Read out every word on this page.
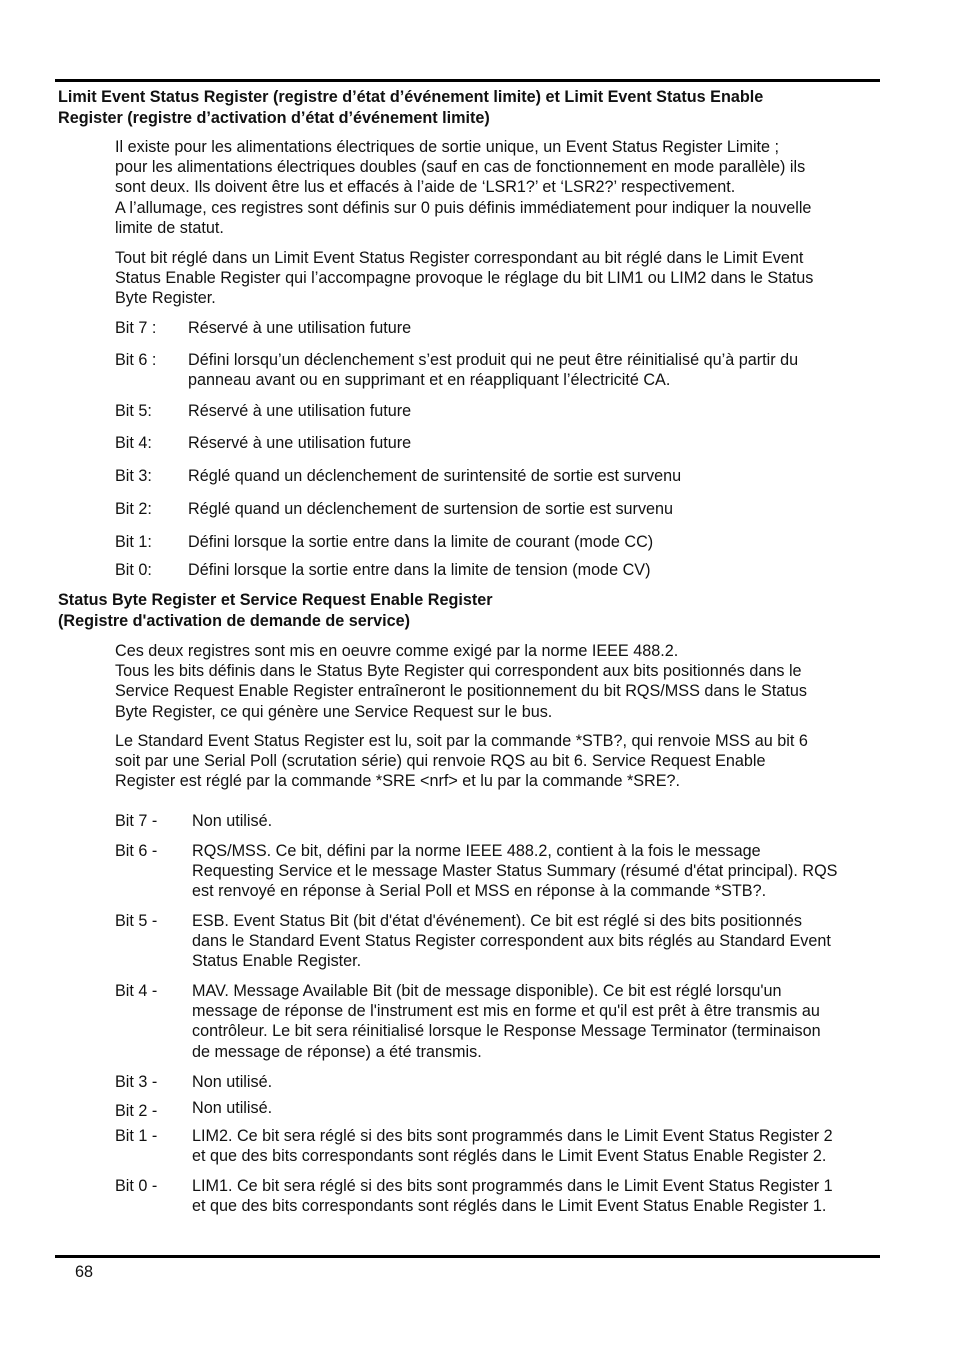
Limit Event Status Register (registre d’état d’événement limite) et Limit Event Status Enable
Register (registre d’activation d’état d’événement limite)
Il existe pour les alimentations électriques de sortie unique, un Event Status Register Limite ;
pour les alimentations électriques doubles (sauf en cas de fonctionnement en mode parallèle) ils
sont deux. Ils doivent être lus et effacés à l’aide de ‘LSR1?’ et ‘LSR2?’ respectivement.
A l’allumage, ces registres sont définis sur 0 puis définis immédiatement pour indiquer la nouvelle
limite de statut.
Tout bit réglé dans un Limit Event Status Register correspondant au bit réglé dans le Limit Event
Status Enable Register qui l’accompagne provoque le réglage du bit LIM1 ou LIM2 dans le Status
Byte Register.
Bit 7 : Réservé à une utilisation future
Bit 6 : Défini lorsqu’un déclenchement s’est produit qui ne peut être réinitialisé qu’à partir du
panneau avant ou en supprimant et en réappliquant l’électricité CA.
Bit 5: Réservé à une utilisation future
Bit 4: Réservé à une utilisation future
Bit 3: Réglé quand un déclenchement de surintensité de sortie est survenu
Bit 2: Réglé quand un déclenchement de surtension de sortie est survenu
Bit 1: Défini lorsque la sortie entre dans la limite de courant (mode CC)
Bit 0: Défini lorsque la sortie entre dans la limite de tension (mode CV)
Status Byte Register et Service Request Enable Register
(Registre d'activation de demande de service)
Ces deux registres sont mis en oeuvre comme exigé par la norme IEEE 488.2.
Tous les bits définis dans le Status Byte Register qui correspondent aux bits positionnés dans le
Service Request Enable Register entraîneront le positionnement du bit RQS/MSS dans le Status
Byte Register, ce qui génère une Service Request sur le bus.
Le Standard Event Status Register est lu, soit par la commande *STB?, qui renvoie MSS au bit 6
soit par une Serial Poll (scrutation série) qui renvoie RQS au bit 6. Service Request Enable
Register est réglé par la commande *SRE <nrf> et lu par la commande *SRE?.
Bit 7 - Non utilisé.
Bit 6 - RQS/MSS. Ce bit, défini par la norme IEEE 488.2, contient à la fois le message
Requesting Service et le message Master Status Summary (résumé d'état principal). RQS
est renvoyé en réponse à Serial Poll et MSS en réponse à la commande *STB?.
Bit 5 - ESB. Event Status Bit (bit d'état d'événement). Ce bit est réglé si des bits positionnés
dans le Standard Event Status Register correspondent aux bits réglés au Standard Event
Status Enable Register.
Bit 4 - MAV. Message Available Bit (bit de message disponible). Ce bit est réglé lorsqu'un
message de réponse de l'instrument est mis en forme et qu'il est prêt à être transmis au
contrôleur. Le bit sera réinitialisé lorsque le Response Message Terminator (terminaison
de message de réponse) a été transmis.
Bit 3 - Non utilisé.
Bit 2 - Non utilisé.
Bit 1 - LIM2. Ce bit sera réglé si des bits sont programmés dans le Limit Event Status Register 2
et que des bits correspondants sont réglés dans le Limit Event Status Enable Register 2.
Bit 0 - LIM1. Ce bit sera réglé si des bits sont programmés dans le Limit Event Status Register 1
et que des bits correspondants sont réglés dans le Limit Event Status Enable Register 1.
68
